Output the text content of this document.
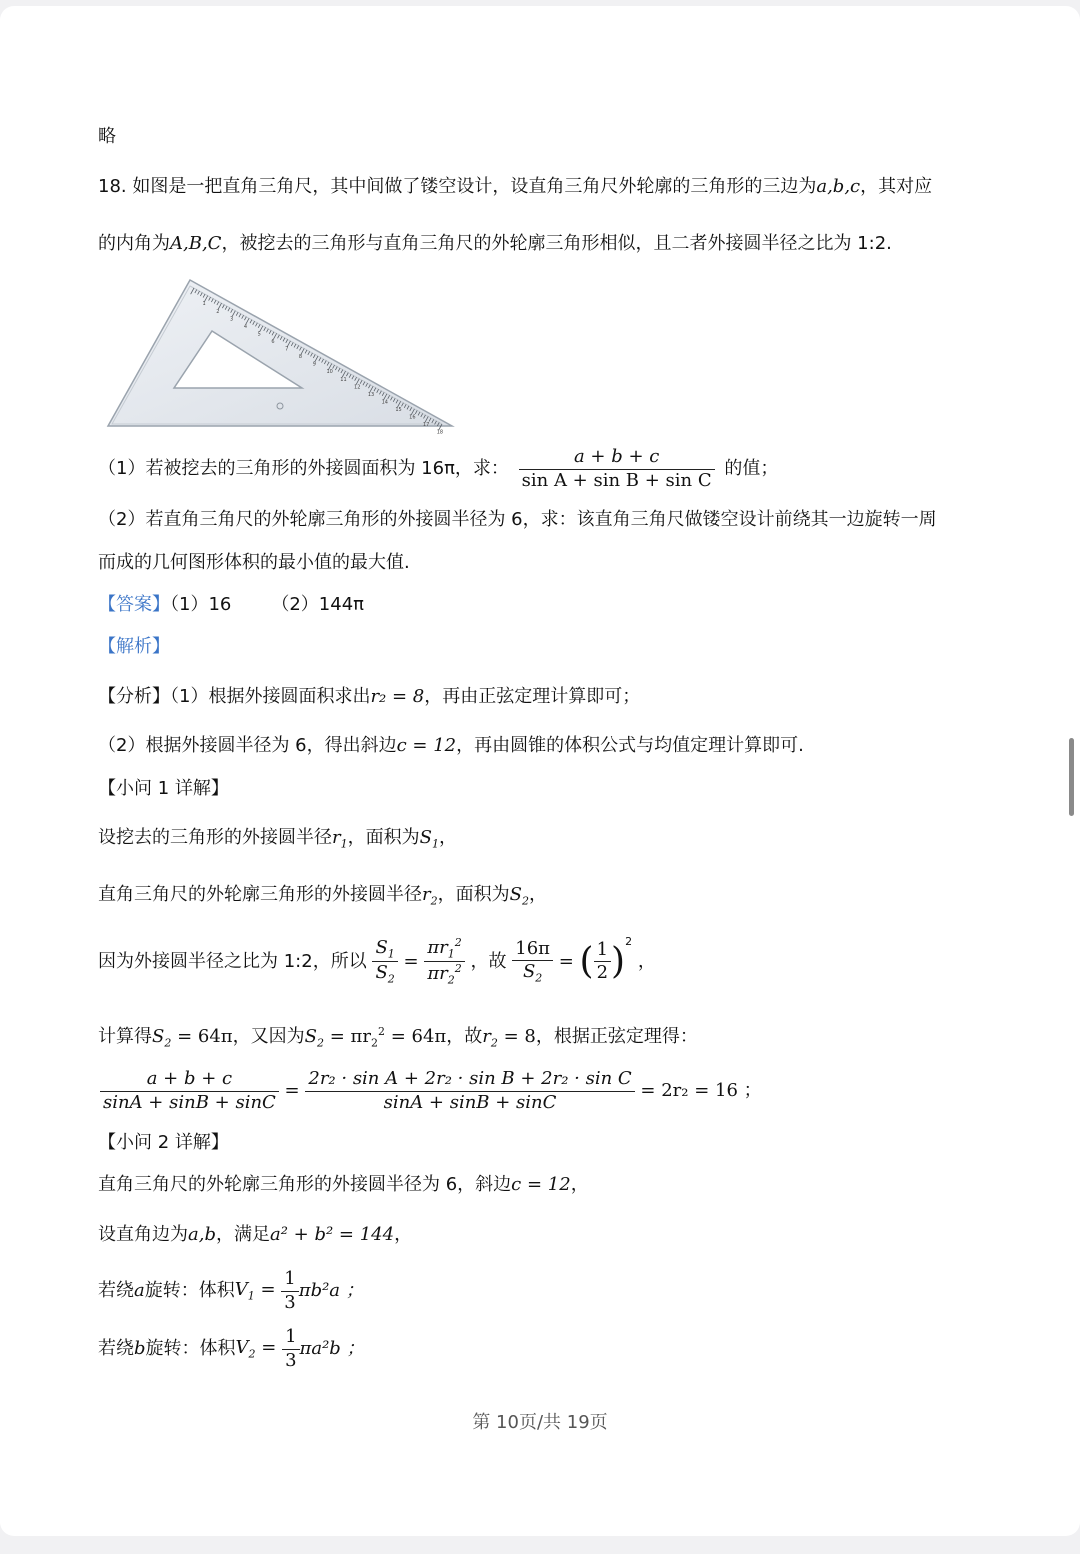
略
18. 如图是一把直角三角尺，其中间做了镂空设计，设直角三角尺外轮廓的三角形的三边为a,b,c，其对应
的内角为A,B,C，被挖去的三角形与直角三角尺的外轮廓三角形相似，且二者外接圆半径之比为 1:2.
1
2
3
4
5
6
7
8
9
10
11
12
13
14
15
16
17
18
（1）若被挖去的三角形的外接圆面积为 16π，求： $\frac{a + b + c}{\text{sin A + sin B + sin C}}$ 的值；
（2）若直角三角尺的外轮廓三角形的外接圆半径为 6，求：该直角三角尺做镂空设计前绕其一边旋转一周
而成的几何图形体积的最小值的最大值.
【答案】（1）16 （2）144π
【解析】
【分析】（1）根据外接圆面积求出r₂ = 8，再由正弦定理计算即可；
（2）根据外接圆半径为 6，得出斜边c = 12，再由圆锥的体积公式与均值定理计算即可.
【小问 1 详解】
设挖去的三角形的外接圆半径$r_1$，面积为$S_1$，
直角三角尺的外轮廓三角形的外接圆半径$r_2$，面积为$S_2$，
因为外接圆半径之比为 1:2，所以 $\frac{S_1}{S_2} = \frac{\pi r_1^2}{\pi r_2^2}$ ，故 $\frac{16\pi}{S_2}$ = ( $\frac{1}{2} )^2$ ，
计算得$S_2 = 64\pi$，又因为$S_2 = \pi r_2^2 = 64\pi$，故$r_2 = 8$，根据正弦定理得：
$\frac{a + b + c}{\sin A + \sin B + \sin C} = \frac{\text{2r₂ · sin A + 2r₂ · sin B + 2r₂ · sin C}}{\sin A + \sin B + \sin C} = 2r_2 = 16$ ；
【小问 2 详解】
直角三角尺的外轮廓三角形的外接圆半径为 6，斜边c = 12，
设直角边为a,b，满足a² + b² = 144，
若绕a旋转：体积$V_1 = \frac{1}{3} \pi b^2a$ ；
若绕b旋转：体积$V_2 = \frac{1}{3} \pi a^2b$ ；
第 10页/共 19页
